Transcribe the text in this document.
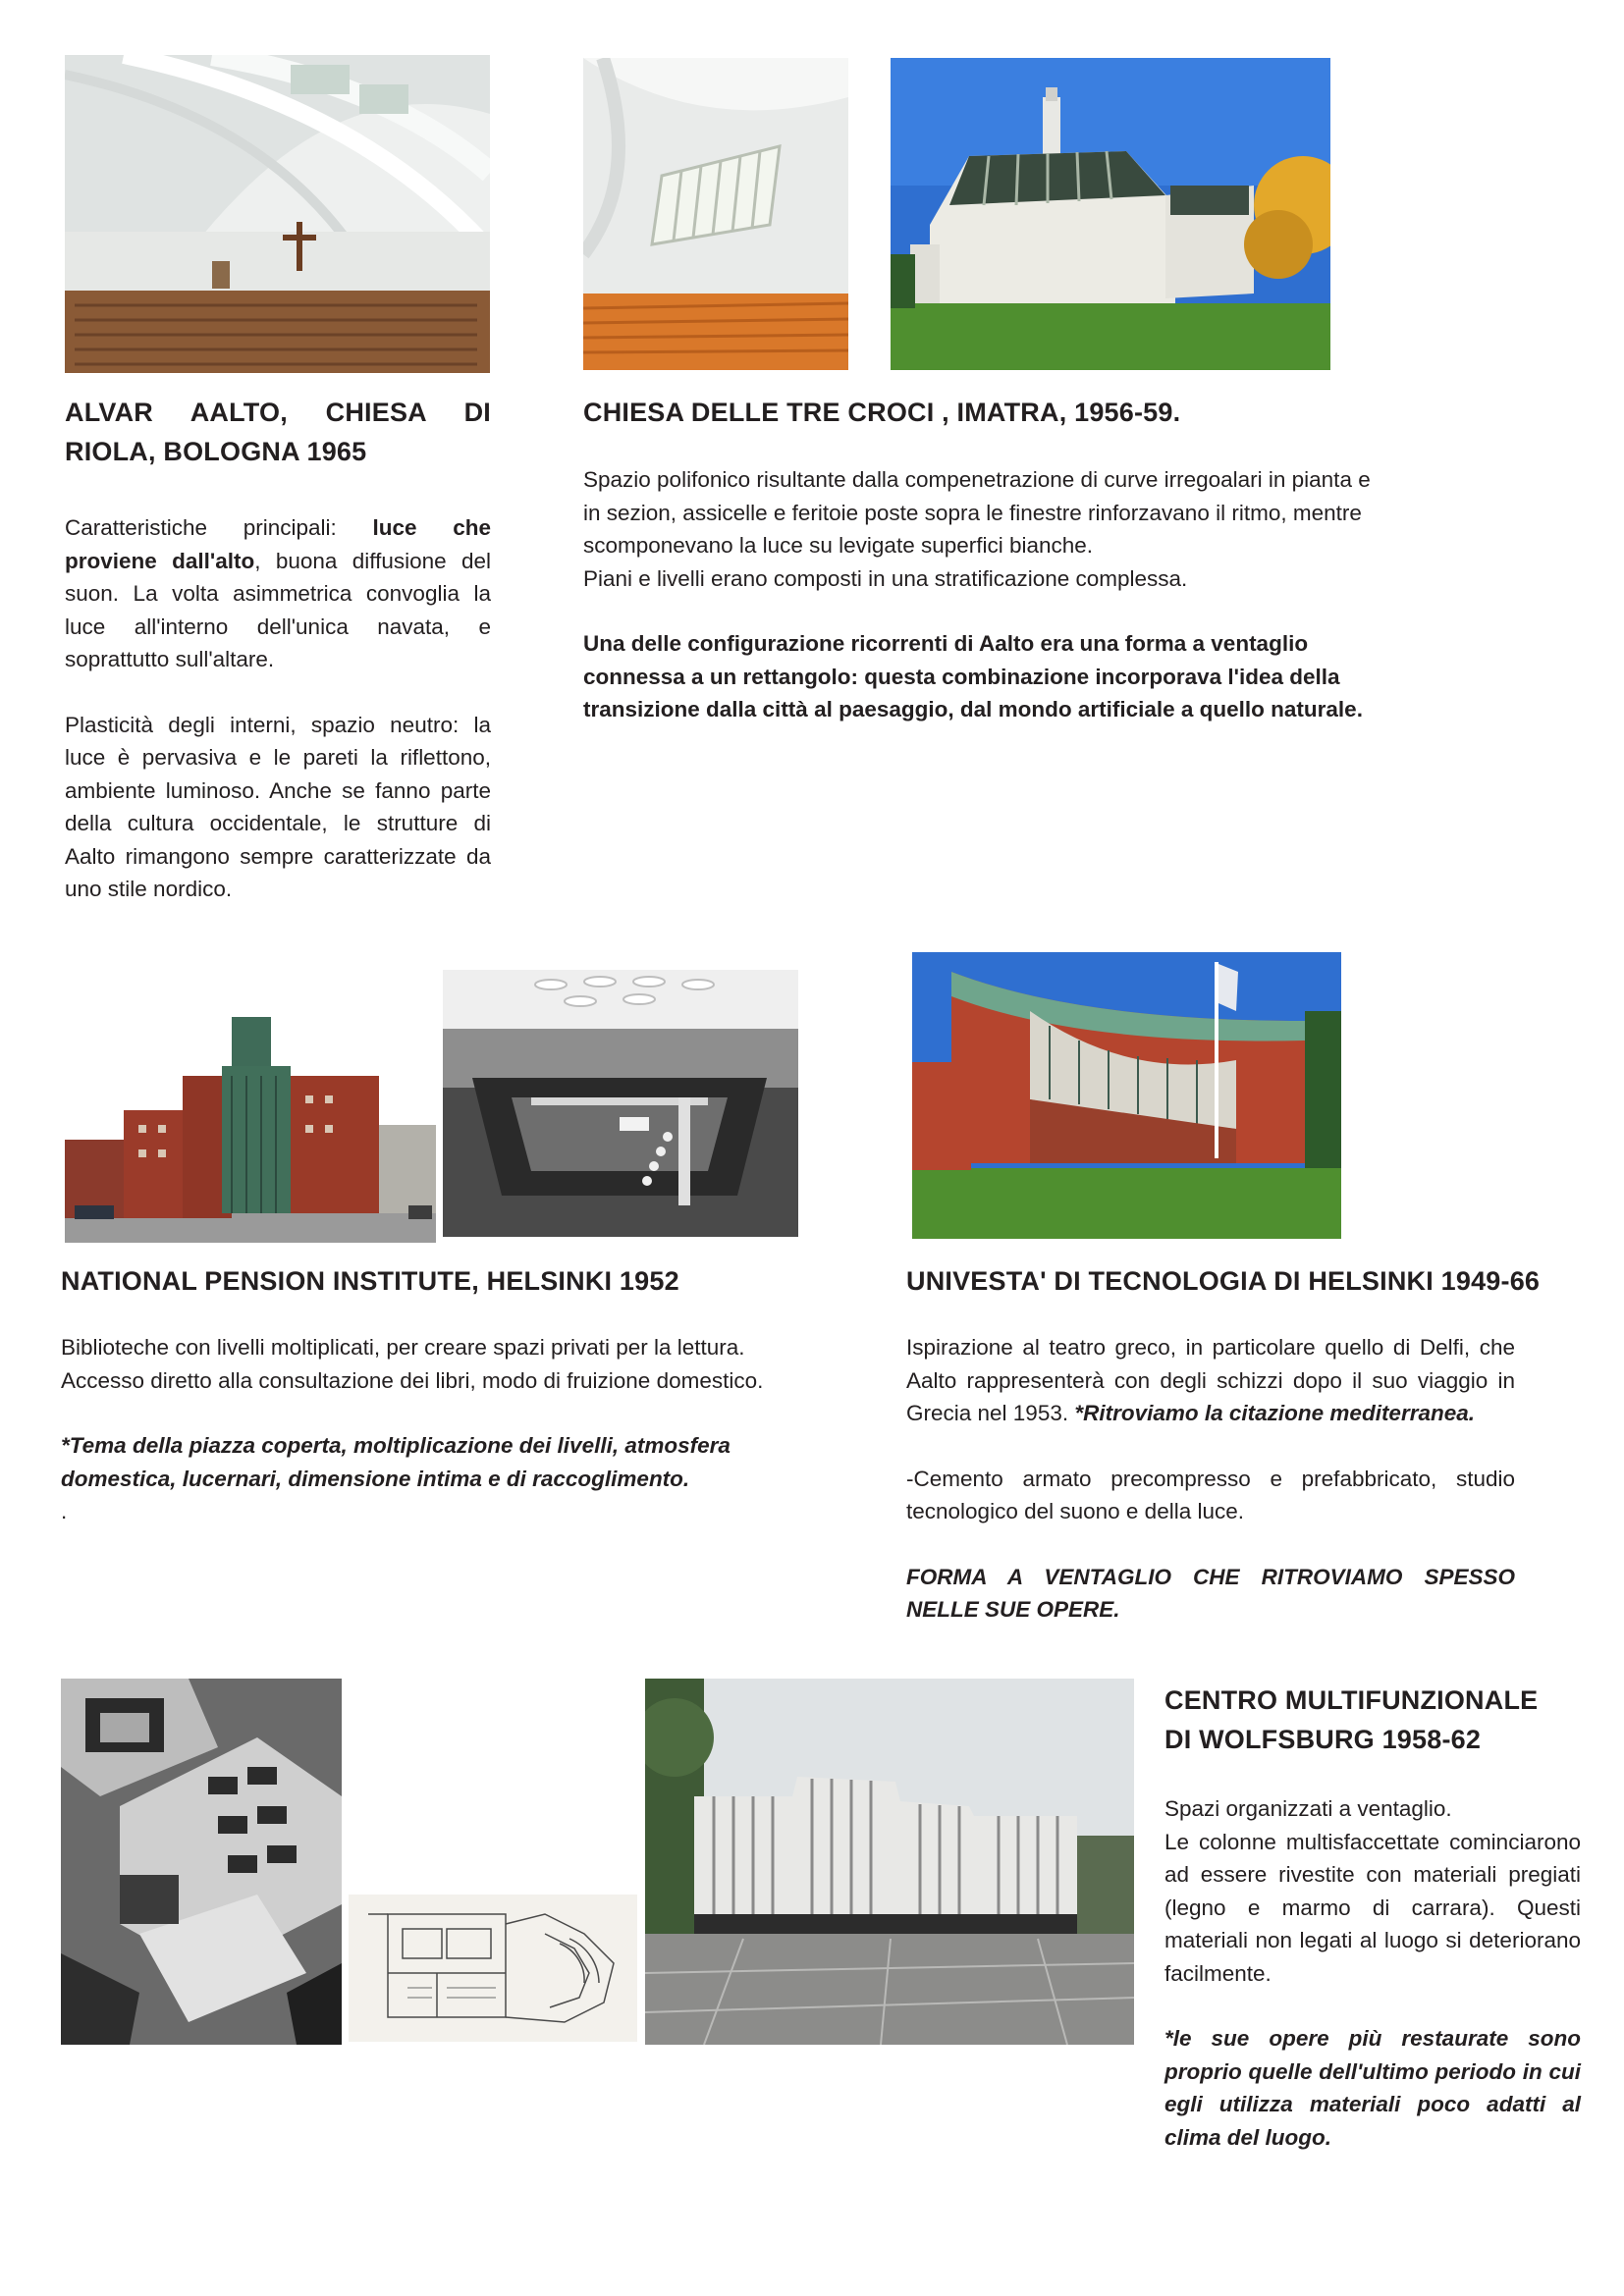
ALVAR AALTO, CHIESA DI RIOLA, BOLOGNA 1965

Caratteristiche principali: luce che proviene dall'alto, buona diffusione del suon. La volta asimmetrica convoglia la luce all'interno dell'unica navata, e soprattutto sull'altare.

Plasticità degli interni, spazio neutro: la luce è pervasiva e le pareti la riflettono, ambiente luminoso. Anche se fanno parte della cultura occidentale, le strutture di Aalto rimangono sempre caratterizzate da uno stile nordico.

CHIESA DELLE TRE CROCI , IMATRA, 1956-59.

Spazio polifonico risultante dalla compenetrazione di curve irregoalari in pianta e in sezion, assicelle e feritoie poste sopra le finestre rinforzavano il ritmo, mentre scomponevano la luce su levigate superfici bianche.

Piani e livelli erano composti in una stratificazione complessa.

Una delle configurazione ricorrenti di Aalto era una forma a ventaglio connessa a un rettangolo: questa combinazione incorporava l'idea della transizione dalla città al paesaggio, dal mondo artificiale a quello naturale.

NATIONAL PENSION INSTITUTE, HELSINKI 1952

Biblioteche con livelli moltiplicati, per creare spazi privati per la lettura. Accesso diretto alla consultazione dei libri, modo di fruizione domestico.

*Tema della piazza coperta, moltiplicazione dei livelli, atmosfera domestica, lucernari, dimensione intima e di raccoglimento.

.

UNIVESTA' DI TECNOLOGIA DI HELSINKI 1949-66

Ispirazione al teatro greco, in particolare quello di Delfi, che Aalto rappresenterà con degli schizzi dopo il suo viaggio in Grecia nel 1953. *Ritroviamo la citazione mediterranea.

-Cemento armato precompresso e prefabbricato, studio tecnologico del suono e della luce.

FORMA A VENTAGLIO CHE RITROVIAMO SPESSO NELLE SUE OPERE.

CENTRO MULTIFUNZIONALE
DI WOLFSBURG 1958-62

Spazi organizzati a ventaglio.

Le colonne multisfaccettate cominciarono ad essere rivestite con materiali pregiati (legno e marmo di carrara). Questi materiali non legati al luogo si deteriorano facilmente.

*le sue opere più restaurate sono proprio quelle dell'ultimo periodo in cui egli utilizza materiali poco adatti al clima del luogo.
